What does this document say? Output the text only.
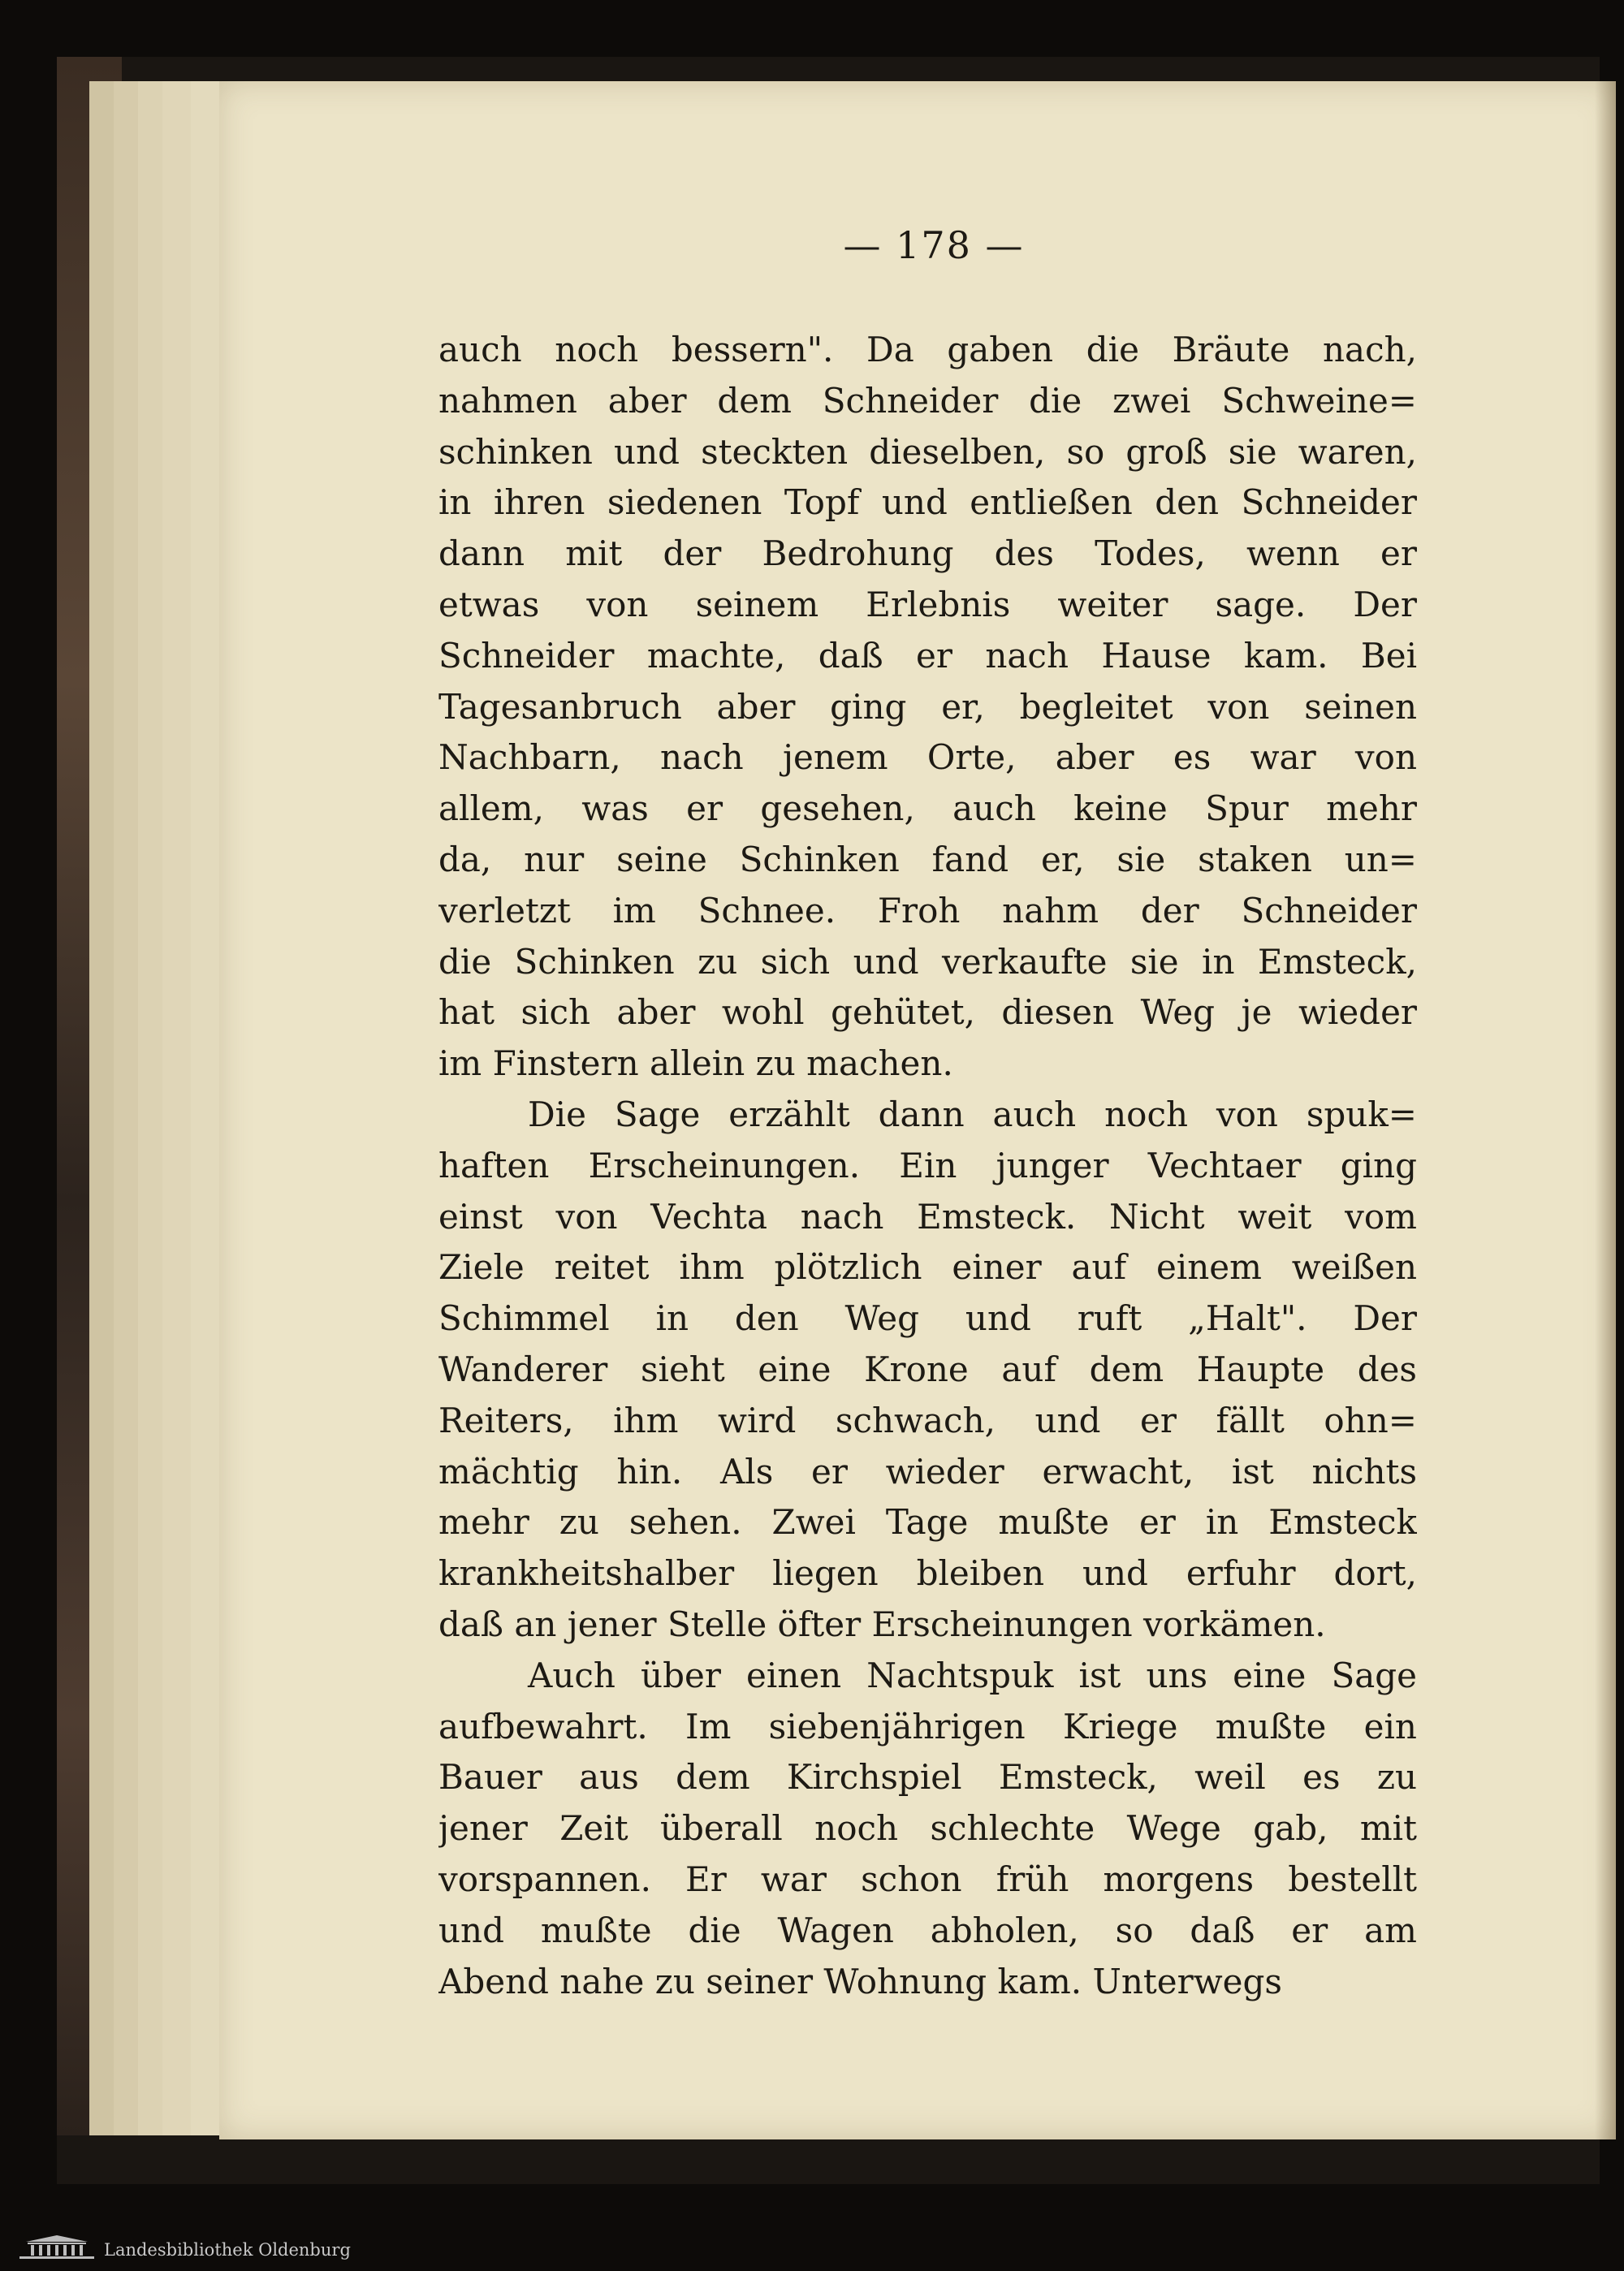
— 178 —
auch noch bessern". Da gaben die Bräute nach,
nahmen aber dem Schneider die zwei Schweine=
schinken und steckten dieselben, so groß sie waren,
in ihren siedenen Topf und entließen den Schneider
dann mit der Bedrohung des Todes, wenn er
etwas von seinem Erlebnis weiter sage. Der
Schneider machte, daß er nach Hause kam. Bei
Tagesanbruch aber ging er, begleitet von seinen
Nachbarn, nach jenem Orte, aber es war von
allem, was er gesehen, auch keine Spur mehr
da, nur seine Schinken fand er, sie staken un=
verletzt im Schnee. Froh nahm der Schneider
die Schinken zu sich und verkaufte sie in Emsteck,
hat sich aber wohl gehütet, diesen Weg je wieder
im Finstern allein zu machen.
Die Sage erzählt dann auch noch von spuk=
haften Erscheinungen. Ein junger Vechtaer ging
einst von Vechta nach Emsteck. Nicht weit vom
Ziele reitet ihm plötzlich einer auf einem weißen
Schimmel in den Weg und ruft „Halt". Der
Wanderer sieht eine Krone auf dem Haupte des
Reiters, ihm wird schwach, und er fällt ohn=
mächtig hin. Als er wieder erwacht, ist nichts
mehr zu sehen. Zwei Tage mußte er in Emsteck
krankheitshalber liegen bleiben und erfuhr dort,
daß an jener Stelle öfter Erscheinungen vorkämen.
Auch über einen Nachtspuk ist uns eine Sage
aufbewahrt. Im siebenjährigen Kriege mußte ein
Bauer aus dem Kirchspiel Emsteck, weil es zu
jener Zeit überall noch schlechte Wege gab, mit
vorspannen. Er war schon früh morgens bestellt
und mußte die Wagen abholen, so daß er am
Abend nahe zu seiner Wohnung kam. Unterwegs
Landesbibliothek Oldenburg
